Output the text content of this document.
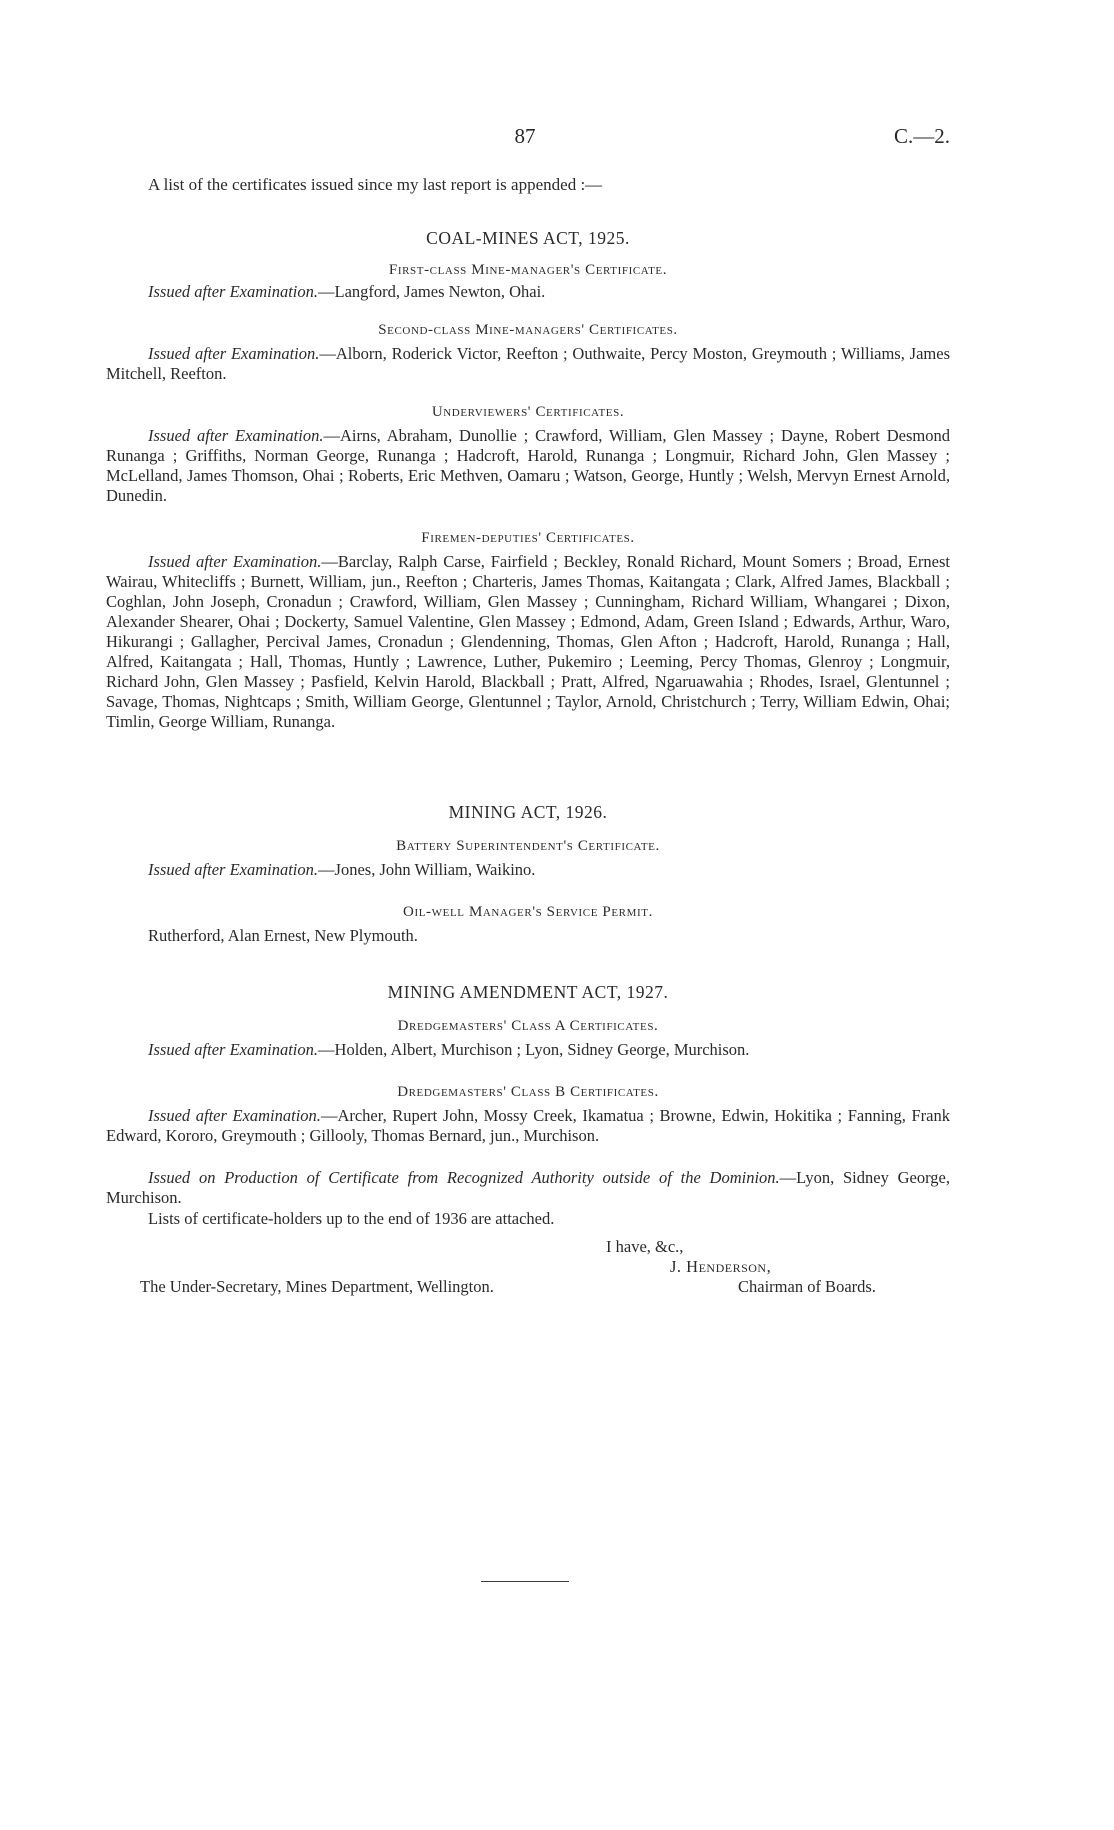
87	C.—2.
A list of the certificates issued since my last report is appended :—
COAL-MINES ACT, 1925.
First-class Mine-manager's Certificate.

Issued after Examination.—Langford, James Newton, Ohai.

Second-class Mine-managers' Certificates.

Issued after Examination.—Alborn, Roderick Victor, Reefton ; Outhwaite, Percy Moston, Greymouth ; Williams, James Mitchell, Reefton.

Underviewers' Certificates.

Issued after Examination.—Airns, Abraham, Dunollie ; Crawford, William, Glen Massey ; Dayne, Robert Desmond Runanga ; Griffiths, Norman George, Runanga ; Hadcroft, Harold, Runanga ; Longmuir, Richard John, Glen Massey ; McLelland, James Thomson, Ohai ; Roberts, Eric Methven, Oamaru ; Watson, George, Huntly ; Welsh, Mervyn Ernest Arnold, Dunedin.

Firemen-deputies' Certificates.

Issued after Examination.—Barclay, Ralph Carse, Fairfield ; Beckley, Ronald Richard, Mount Somers ; Broad, Ernest Wairau, Whitecliffs ; Burnett, William, jun., Reefton ; Charteris, James Thomas, Kaitangata ; Clark, Alfred James, Blackball ; Coghlan, John Joseph, Cronadun ; Crawford, William, Glen Massey ; Cunningham, Richard William, Whangarei ; Dixon, Alexander Shearer, Ohai ; Dockerty, Samuel Valentine, Glen Massey ; Edmond, Adam, Green Island ; Edwards, Arthur, Waro, Hikurangi ; Gallagher, Percival James, Cronadun ; Glendenning, Thomas, Glen Afton ; Hadcroft, Harold, Runanga ; Hall, Alfred, Kaitangata ; Hall, Thomas, Huntly ; Lawrence, Luther, Pukemiro ; Leeming, Percy Thomas, Glenroy ; Longmuir, Richard John, Glen Massey ; Pasfield, Kelvin Harold, Blackball ; Pratt, Alfred, Ngaruawahia ; Rhodes, Israel, Glentunnel ; Savage, Thomas, Nightcaps ; Smith, William George, Glentunnel ; Taylor, Arnold, Christchurch ; Terry, William Edwin, Ohai; Timlin, George William, Runanga.

MINING ACT, 1926.
Battery Superintendent's Certificate.

Issued after Examination.—Jones, John William, Waikino.

Oil-well Manager's Service Permit.

Rutherford, Alan Ernest, New Plymouth.

MINING AMENDMENT ACT, 1927.
Dredgemasters' Class A Certificates.

Issued after Examination.—Holden, Albert, Murchison ; Lyon, Sidney George, Murchison.

Dredgemasters' Class B Certificates.

Issued after Examination.—Archer, Rupert John, Mossy Creek, Ikamatua ; Browne, Edwin, Hokitika ; Fanning, Frank Edward, Kororo, Greymouth ; Gillooly, Thomas Bernard, jun., Murchison.

Issued on Production of Certificate from Recognized Authority outside of the Dominion.—Lyon, Sidney George, Murchison.

Lists of certificate-holders up to the end of 1936 are attached.
I have, &c.,
J. Henderson,
The Under-Secretary, Mines Department, Wellington.	Chairman of Boards.
